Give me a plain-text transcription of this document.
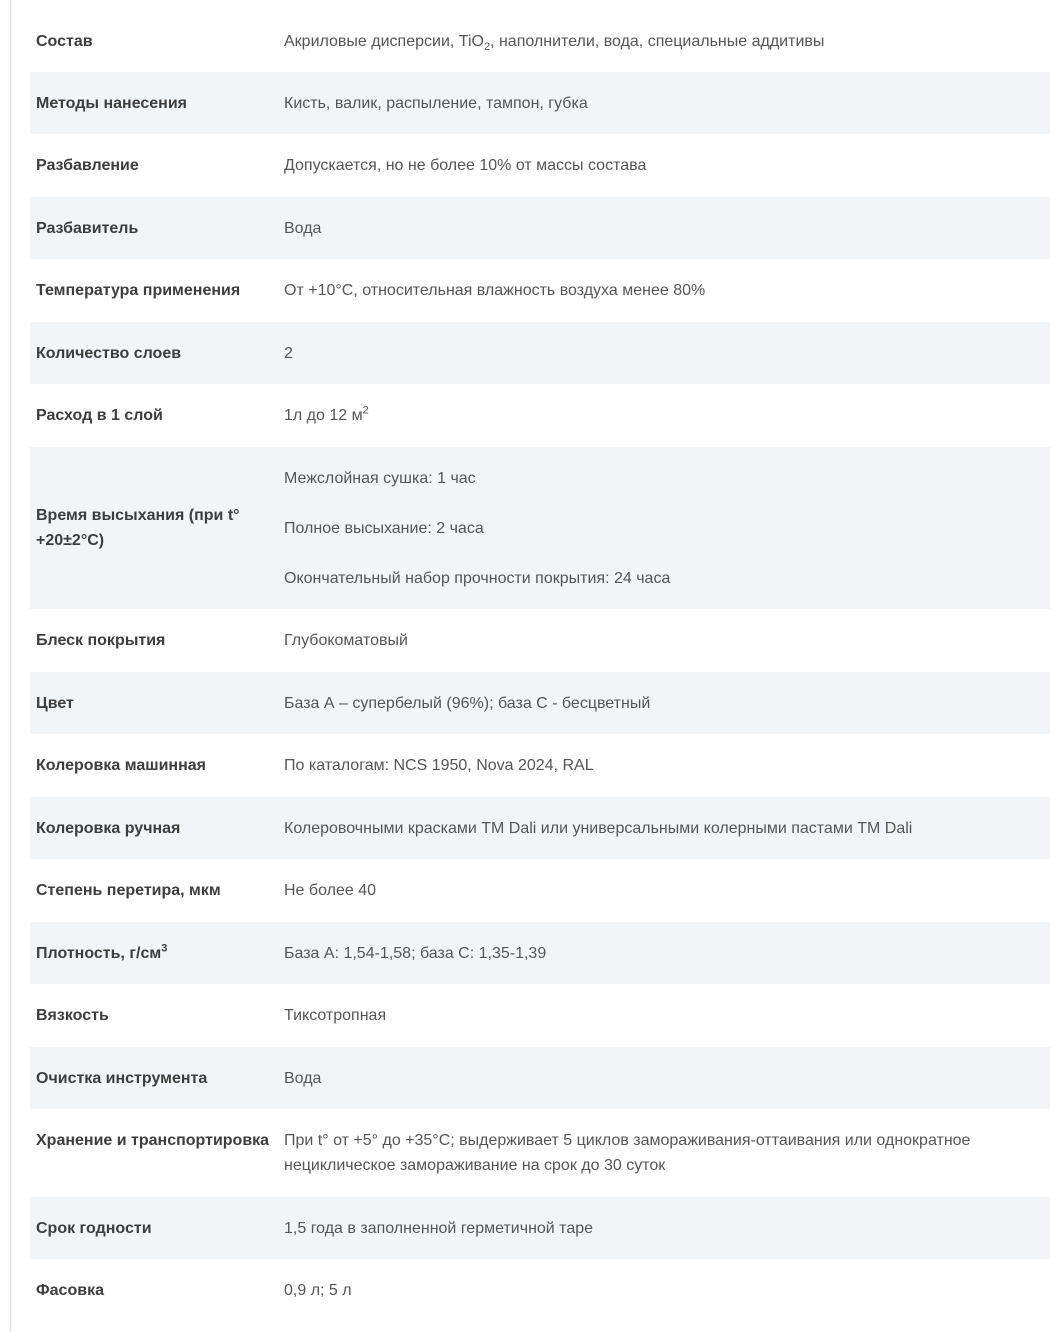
Состав	Акриловые дисперсии, TiO$_2$, наполнители, вода, специальные аддитивы
Методы нанесения	Кисть, валик, распыление, тампон, губка
Разбавление	Допускается, но не более 10% от массы состава
Разбавитель	Вода
Температура применения	От +10°С, относительная влажность воздуха менее 80%
Количество слоев	2
Расход в 1 слой	1л до 12 $м^2$
Время высыхания (при t° +20±2°С)	Межслойная сушка: 1 час

Полное высыхание: 2 часа

Окончательный набор прочности покрытия: 24 часа

Блеск покрытия	Глубокоматовый
Цвет	База А – супербелый (96%); база С - бесцветный
Колеровка машинная	По каталогам: NCS 1950, Nova 2024, RAL
Колеровка ручная	Колеровочными красками ТМ Dali или универсальными колерными пастами ТМ Dali
Степень перетира, мкм	Не более 40
Плотность, $г/см^3$	База А: 1,54-1,58; база С: 1,35-1,39
Вязкость	Тиксотропная
Очистка инструмента	Вода
Хранение и транспортировка	При t° от +5° до +35°С; выдерживает 5 циклов замораживания-оттаивания или однократное нециклическое замораживание на срок до 30 суток
Срок годности	1,5 года в заполненной герметичной таре
Фасовка	0,9 л; 5 л
